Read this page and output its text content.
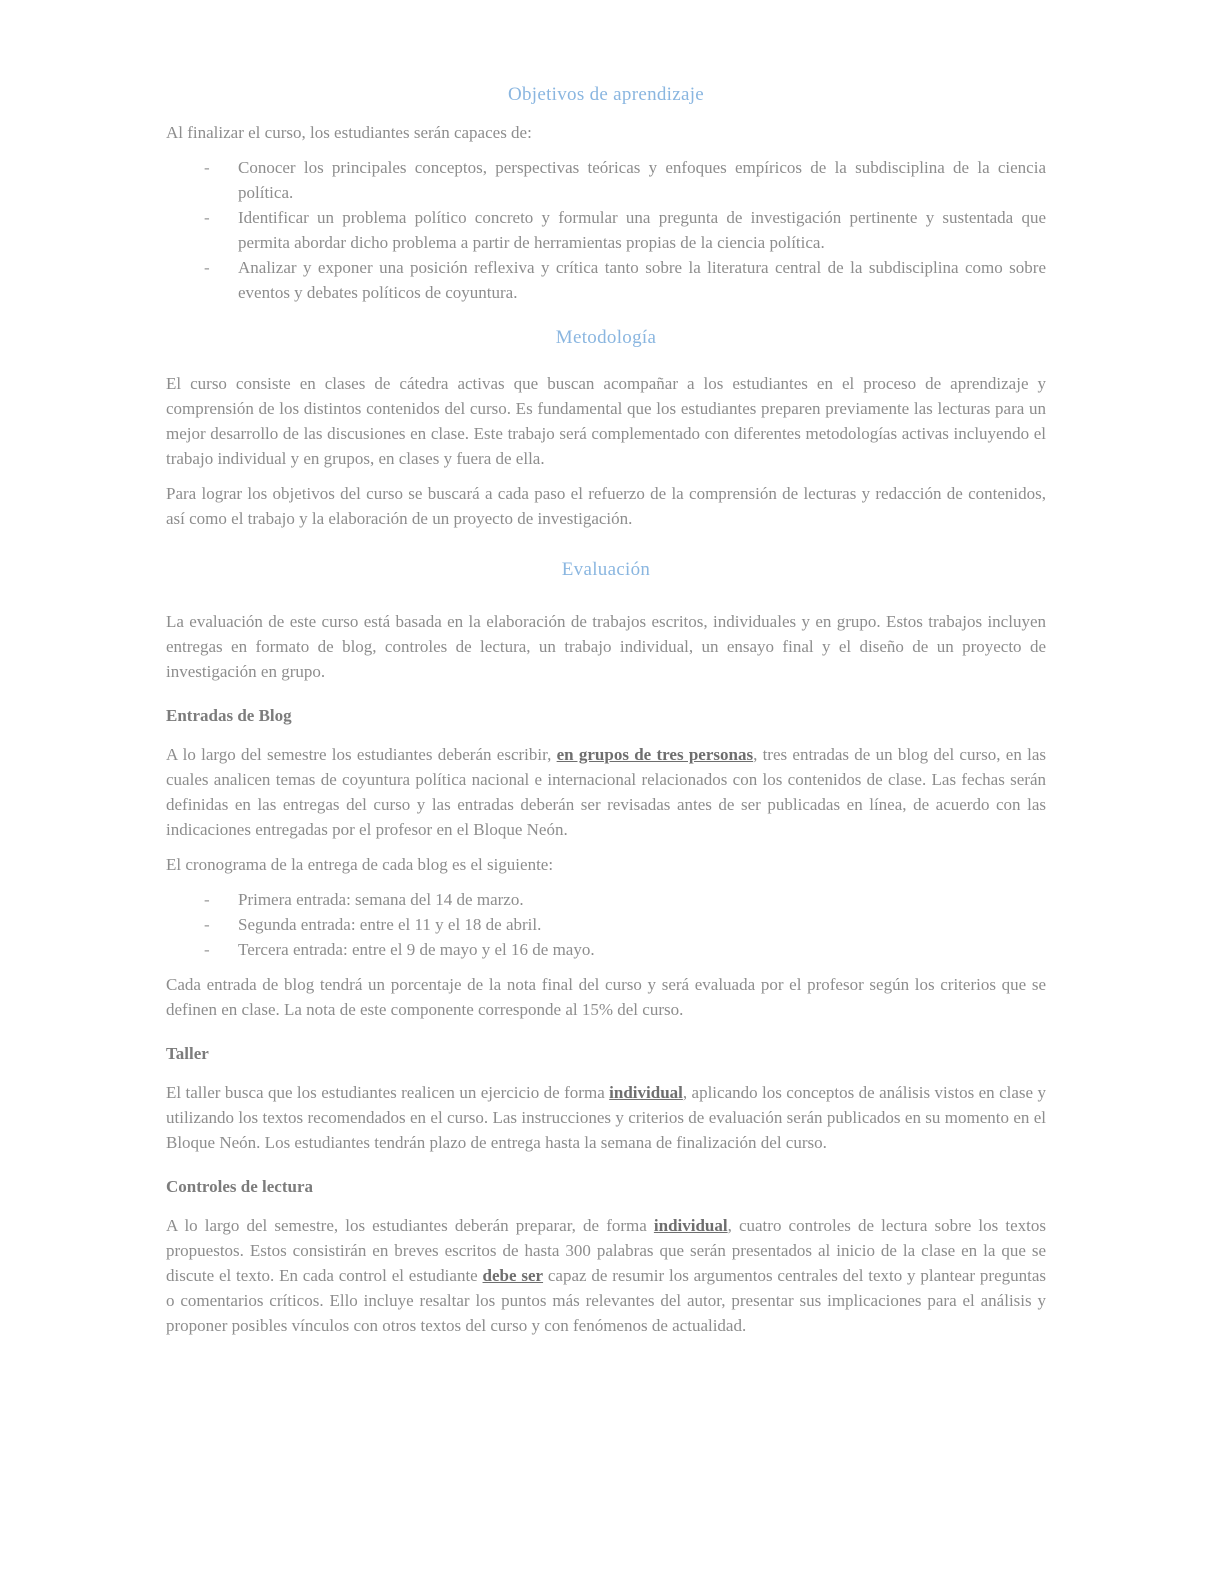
Objetivos de aprendizaje

Al finalizar el curso, los estudiantes serán capaces de:

- Conocer los principales conceptos, perspectivas teóricas y enfoques empíricos de la subdisciplina de la ciencia política.
- Identificar un problema político concreto y formular una pregunta de investigación pertinente y sustentada que permita abordar dicho problema a partir de herramientas propias de la ciencia política.
- Analizar y exponer una posición reflexiva y crítica tanto sobre la literatura central de la subdisciplina como sobre eventos y debates políticos de coyuntura.
Metodología

El curso consiste en clases de cátedra activas que buscan acompañar a los estudiantes en el proceso de aprendizaje y comprensión de los distintos contenidos del curso. Es fundamental que los estudiantes preparen previamente las lecturas para un mejor desarrollo de las discusiones en clase. Este trabajo será complementado con diferentes metodologías activas incluyendo el trabajo individual y en grupos, en clases y fuera de ella.

Para lograr los objetivos del curso se buscará a cada paso el refuerzo de la comprensión de lecturas y redacción de contenidos, así como el trabajo y la elaboración de un proyecto de investigación.

Evaluación

La evaluación de este curso está basada en la elaboración de trabajos escritos, individuales y en grupo. Estos trabajos incluyen entregas en formato de blog, controles de lectura, un trabajo individual, un ensayo final y el diseño de un proyecto de investigación en grupo.

Entradas de Blog

A lo largo del semestre los estudiantes deberán escribir, en grupos de tres personas, tres entradas de un blog del curso, en las cuales analicen temas de coyuntura política nacional e internacional relacionados con los contenidos de clase. Las fechas serán definidas en las entregas del curso y las entradas deberán ser revisadas antes de ser publicadas en línea, de acuerdo con las indicaciones entregadas por el profesor en el Bloque Neón.

El cronograma de la entrega de cada blog es el siguiente:

- Primera entrada: semana del 14 de marzo.
- Segunda entrada: entre el 11 y el 18 de abril.
- Tercera entrada: entre el 9 de mayo y el 16 de mayo.

Cada entrada de blog tendrá un porcentaje de la nota final del curso y será evaluada por el profesor según los criterios que se definen en clase. La nota de este componente corresponde al 15% del curso.

Taller

El taller busca que los estudiantes realicen un ejercicio de forma individual, aplicando los conceptos de análisis vistos en clase y utilizando los textos recomendados en el curso. Las instrucciones y criterios de evaluación serán publicados en su momento en el Bloque Neón. Los estudiantes tendrán plazo de entrega hasta la semana de finalización del curso.

Controles de lectura

A lo largo del semestre, los estudiantes deberán preparar, de forma individual, cuatro controles de lectura sobre los textos propuestos. Estos consistirán en breves escritos de hasta 300 palabras que serán presentados al inicio de la clase en la que se discute el texto. En cada control el estudiante debe ser capaz de resumir los argumentos centrales del texto y plantear preguntas o comentarios críticos. Ello incluye resaltar los puntos más relevantes del autor, presentar sus implicaciones para el análisis y proponer posibles vínculos con otros textos del curso y con fenómenos de actualidad.
